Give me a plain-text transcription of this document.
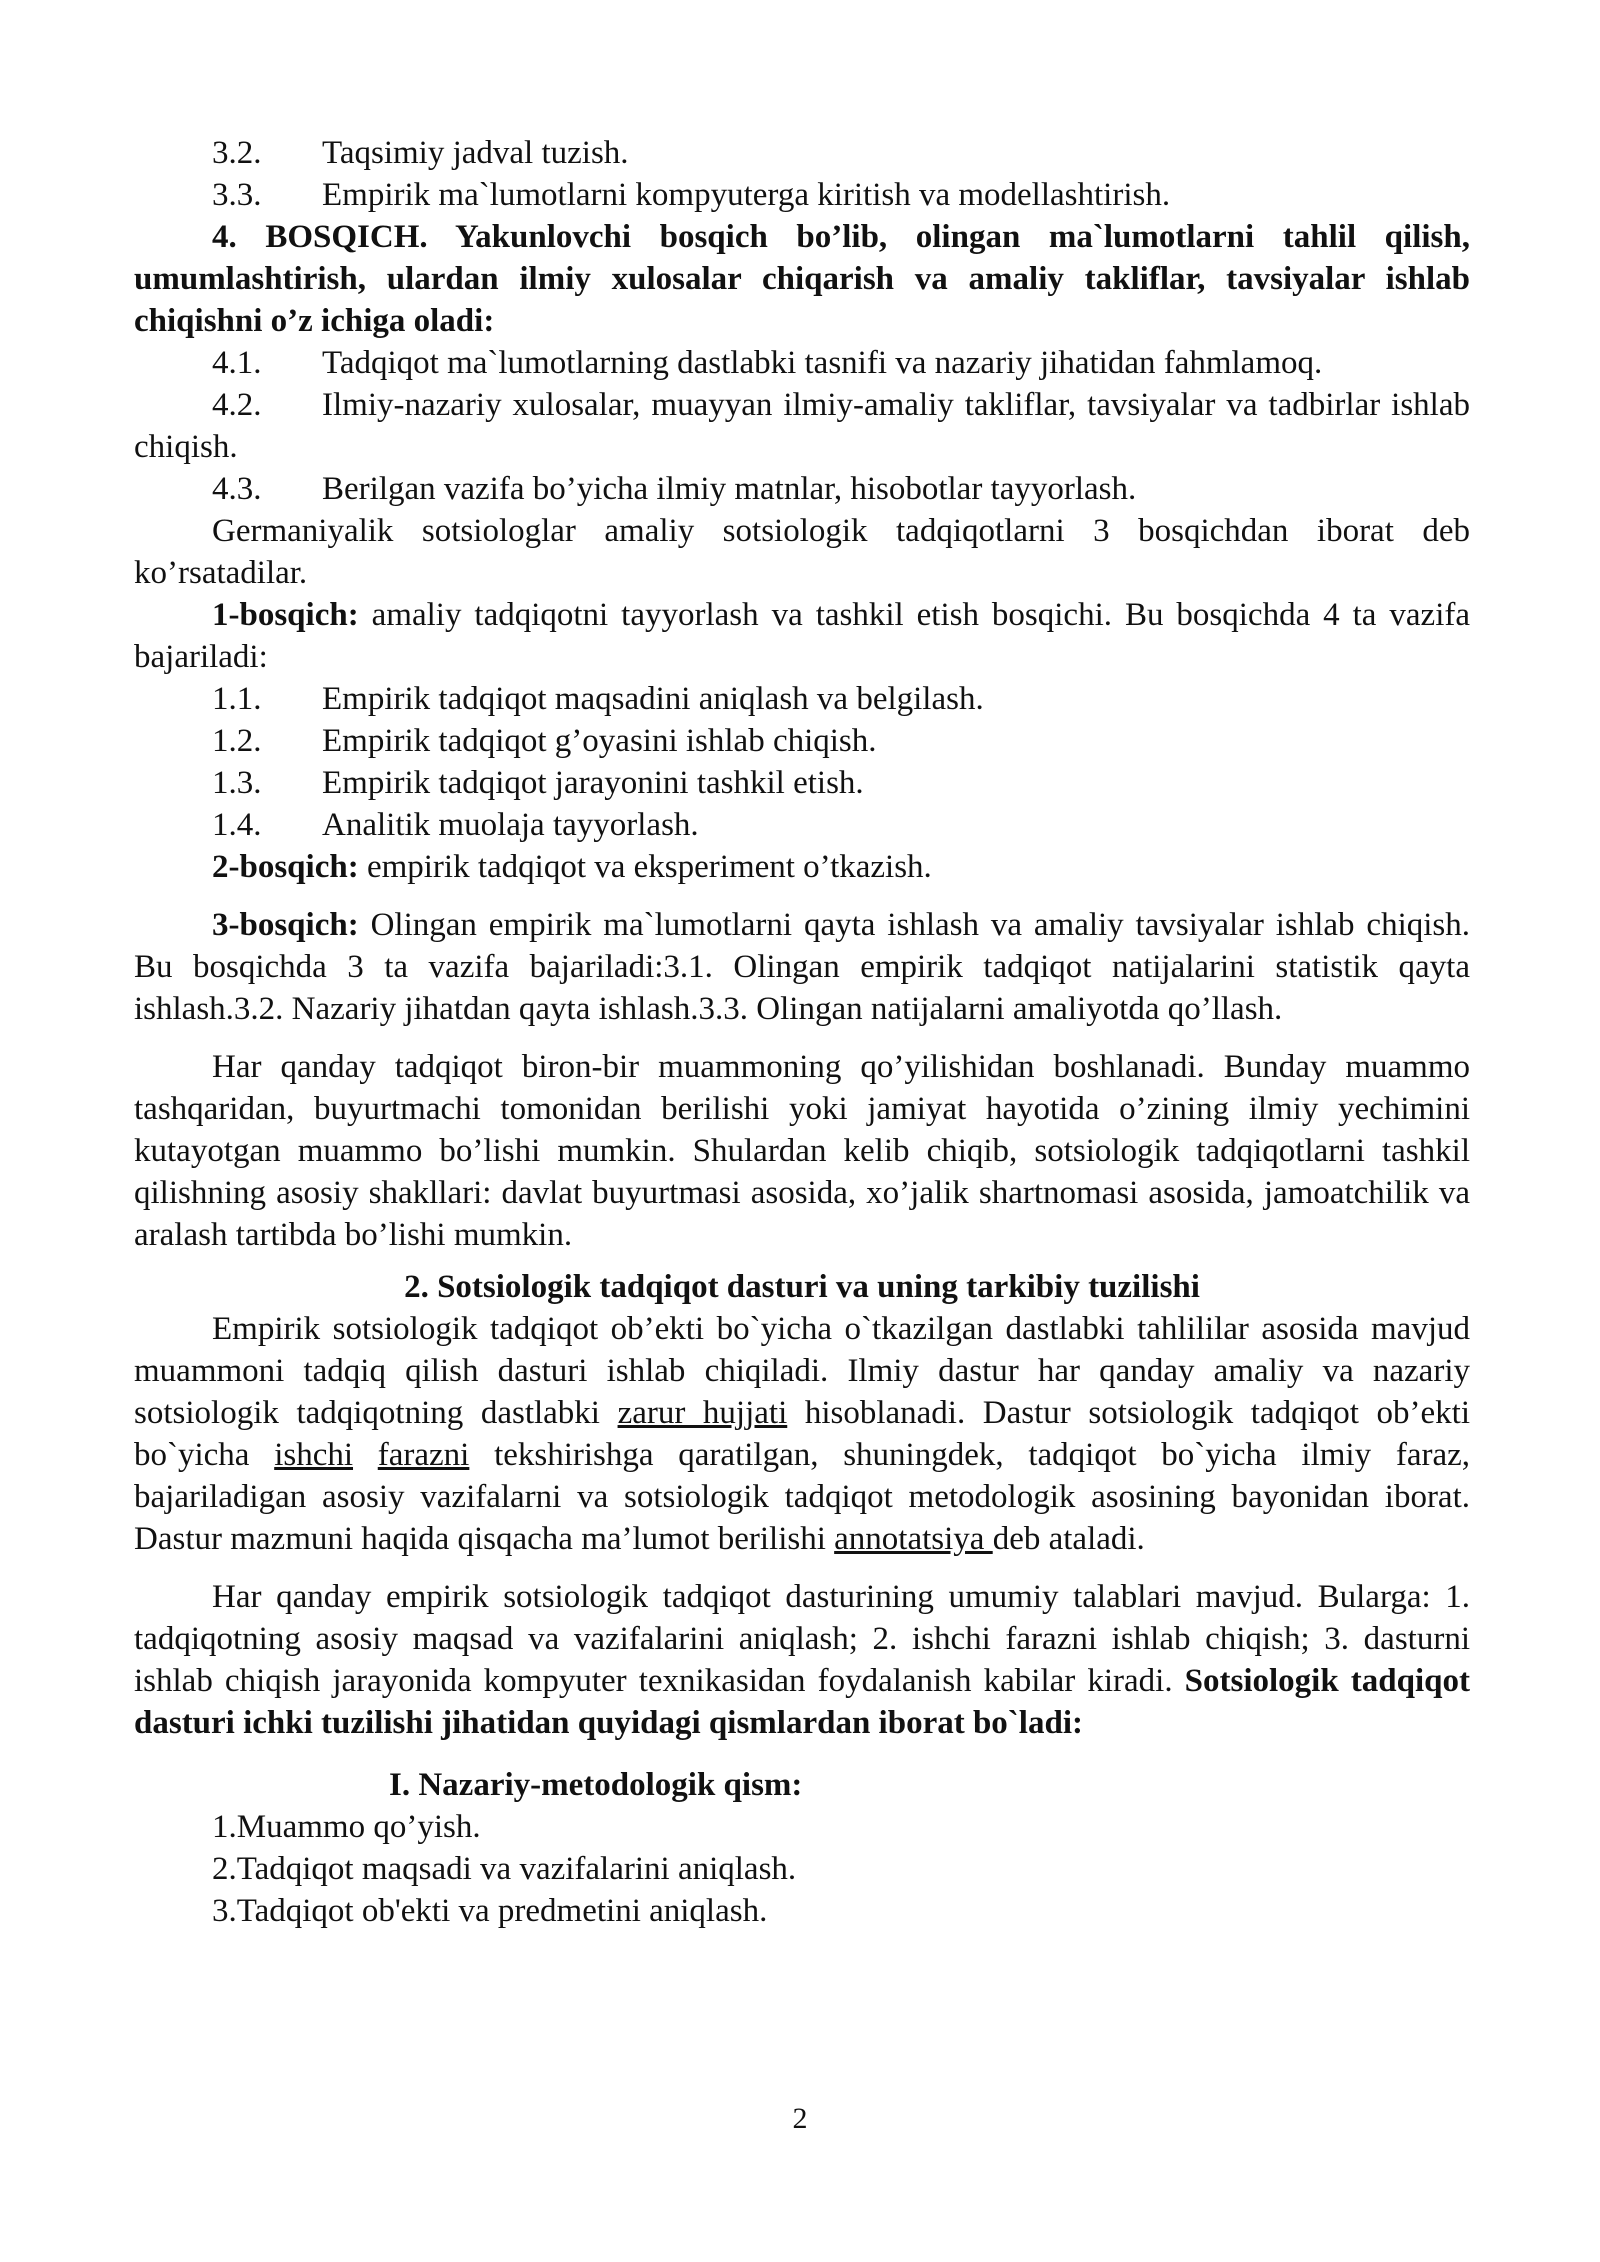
3.2. Taqsimiy jadval tuzish.
3.3. Empirik ma`lumotlarni kompyuterga kiritish va modellashtirish.

4. BOSQICH. Yakunlovchi bosqich bo’lib, olingan ma`lumotlarni tahlil qilish, umumlashtirish, ulardan ilmiy xulosalar chiqarish va amaliy takliflar, tavsiyalar ishlab chiqishni o’z ichiga oladi:

4.1. Tadqiqot ma`lumotlarning dastlabki tasnifi va nazariy jihatidan fahmlamoq.

4.2. Ilmiy-nazariy xulosalar, muayyan ilmiy-amaliy takliflar, tavsiyalar va tadbirlar ishlab chiqish.

4.3. Berilgan vazifa bo’yicha ilmiy matnlar, hisobotlar tayyorlash.

Germaniyalik sotsiologlar amaliy sotsiologik tadqiqotlarni 3 bosqichdan iborat deb ko’rsatadilar.

1-bosqich: amaliy tadqiqotni tayyorlash va tashkil etish bosqichi. Bu bosqichda 4 ta vazifa bajariladi:

1.1. Empirik tadqiqot maqsadini aniqlash va belgilash.
1.2. Empirik tadqiqot g’oyasini ishlab chiqish.
1.3. Empirik tadqiqot jarayonini tashkil etish.
1.4. Analitik muolaja tayyorlash.

2-bosqich: empirik tadqiqot va eksperiment o’tkazish.

3-bosqich: Olingan empirik ma`lumotlarni qayta ishlash va amaliy tavsiyalar ishlab chiqish. Bu bosqichda 3 ta vazifa bajariladi:3.1. Olingan empirik tadqiqot natijalarini statistik qayta ishlash.3.2. Nazariy jihatdan qayta ishlash.3.3. Olingan natijalarni amaliyotda qo’llash.

Har qanday tadqiqot biron-bir muammoning qo’yilishidan boshlanadi. Bunday muammo tashqaridan, buyurtmachi tomonidan berilishi yoki jamiyat hayotida o’zining ilmiy yechimini kutayotgan muammo bo’lishi mumkin. Shulardan kelib chiqib, sotsiologik tadqiqotlarni tashkil qilishning asosiy shakllari: davlat buyurtmasi asosida, xo’jalik shartnomasi asosida, jamoatchilik va aralash tartibda bo’lishi mumkin.

2. Sotsiologik tadqiqot dasturi va uning tarkibiy tuzilishi

Empirik sotsiologik tadqiqot ob’ekti bo`yicha o`tkazilgan dastlabki tahlililar asosida mavjud muammoni tadqiq qilish dasturi ishlab chiqiladi. Ilmiy dastur har qanday amaliy va nazariy sotsiologik tadqiqotning dastlabki zarur hujjati hisoblanadi. Dastur sotsiologik tadqiqot ob’ekti bo`yicha ishchi farazni tekshirishga qaratilgan, shuningdek, tadqiqot bo`yicha ilmiy faraz, bajariladigan asosiy vazifalarni va sotsiologik tadqiqot metodologik asosining bayonidan iborat. Dastur mazmuni haqida qisqacha ma’lumot berilishi annotatsiya deb ataladi.

Har qanday empirik sotsiologik tadqiqot dasturining umumiy talablari mavjud. Bularga: 1. tadqiqotning asosiy maqsad va vazifalarini aniqlash; 2. ishchi farazni ishlab chiqish; 3. dasturni ishlab chiqish jarayonida kompyuter texnikasidan foydalanish kabilar kiradi. Sotsiologik tadqiqot dasturi ichki tuzilishi jihatidan quyidagi qismlardan iborat bo`ladi:

I. Nazariy-metodologik qism:
1.Muammo qo’yish.
2.Tadqiqot maqsadi va vazifalarini aniqlash.
3.Tadqiqot ob'ekti va predmetini aniqlash.
2
